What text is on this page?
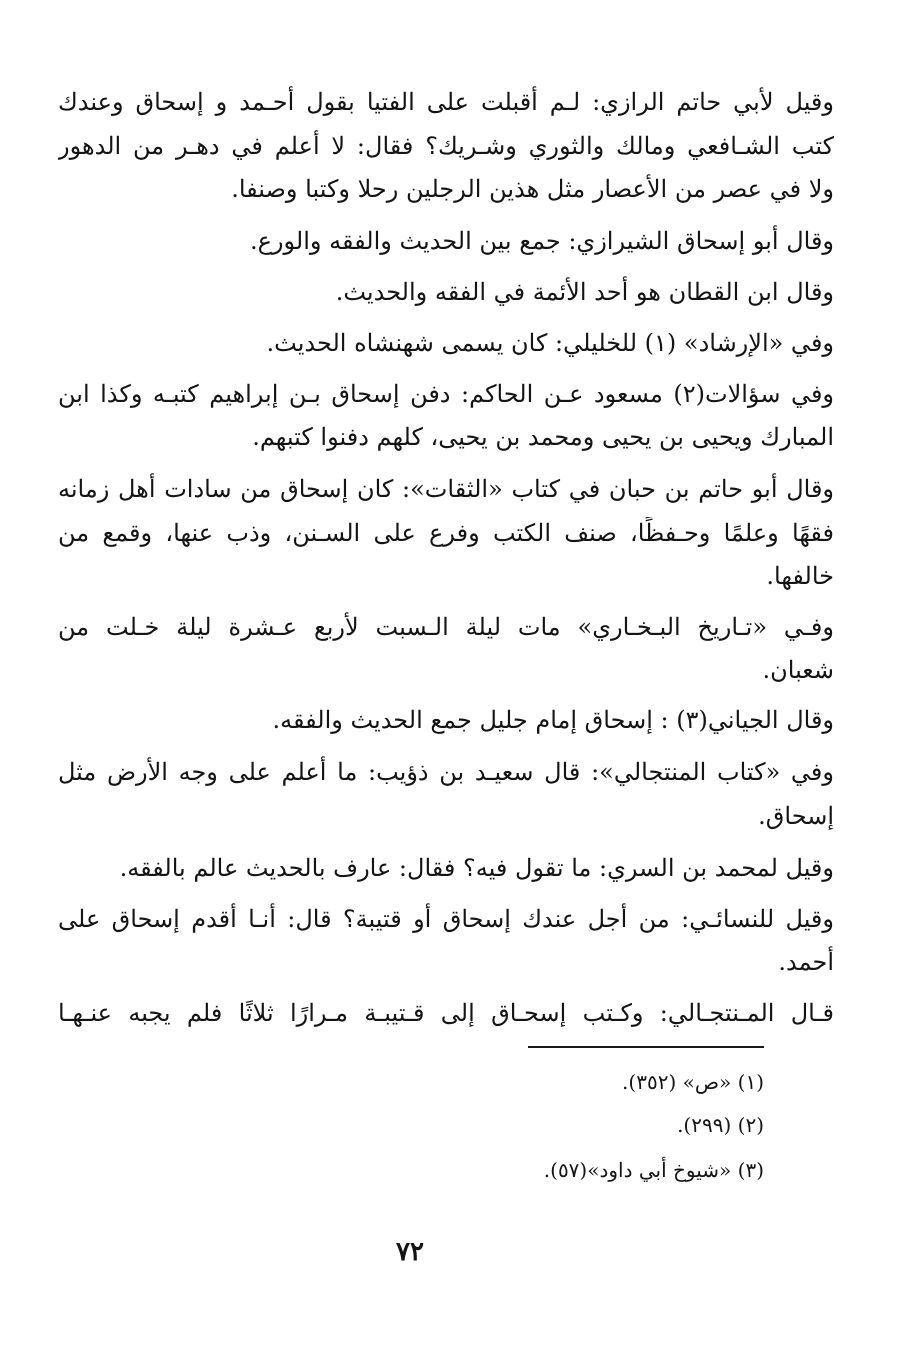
وقيل لأبي حاتم الرازي: لـم أقبلت على الفتيا بقول أحـمد و إسحاق وعندك
كتب الشـافعي ومالك والثوري وشـريك؟ فقال: لا أعلم في دهـر من الدهور
ولا في عصر من الأعصار مثل هذين الرجلين رحلا وكتبا وصنفا.
وقال أبو إسحاق الشيرازي: جمع بين الحديث والفقه والورع.
وقال ابن القطان هو أحد الأئمة في الفقه والحديث.
وفي «الإرشاد» (١) للخليلي: كان يسمى شهنشاه الحديث.
وفي سؤالات(٢) مسعود عـن الحاكم: دفن إسحاق بـن إبراهيم كتبـه وكذا ابن
المبارك ويحيى بن يحيى ومحمد بن يحيى، كلهم دفنوا كتبهم.
وقال أبو حاتم بن حبان في كتاب «الثقات»: كان إسحاق من سادات أهل زمانه
فقهًا وعلمًا وحـفظًا، صنف الكتب وفرع على السـنن، وذب عنها، وقمع من
خالفها.
وفـي «تـاريخ البـخـاري» مات ليلة الـسبت لأربع عـشرة ليلة خـلت من
شعبان.
وقال الجياني(٣) : إسحاق إمام جليل جمع الحديث والفقه.
وفي «كتاب المنتجالي»: قال سعيـد بن ذؤيب: ما أعلم على وجه الأرض مثل
إسحاق.
وقيل لمحمد بن السري: ما تقول فيه؟ فقال: عارف بالحديث عالم بالفقه.
وقيل للنسائـي: من أجل عندك إسحاق أو قتيبة؟ قال: أنـا أقدم إسحاق على
أحمد.
قـال المـنتجـالي: وكـتب إسحـاق إلى قـتيبـة مـرارًا ثلاثًا فلم يجبه عنـهـا
(١) «ص» (٣٥٢).
(٢) (٢٩٩).
(٣) «شيوخ أبي داود»(٥٧).
٧٢
